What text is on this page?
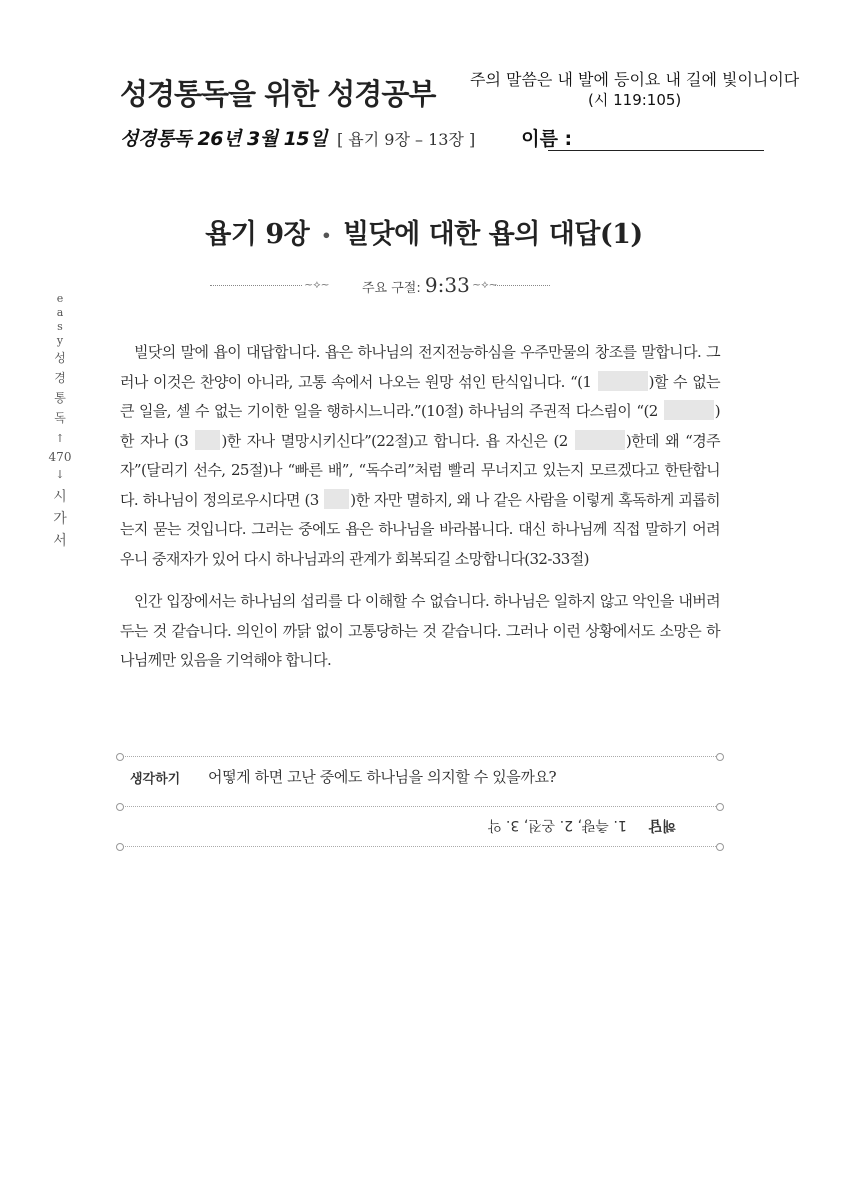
성경통독을 위한 성경공부 주의 말씀은 내 발에 등이요 내 길에 빛이니이다
(시 119:105)
성경통독 26년 3월 15일 [ 욥기 9장 – 13장 ] 이름 :
e
a
s
y
성
경
통
독
↑
470
↓
시
가
서
욥기 9장 • 빌닷에 대한 욥의 대답(1)
~⟡~ 주요 구절: 9:33 ~⟡~

빌닷의 말에 욥이 대답합니다. 욥은 하나님의 전지전능하심을 우주만물의 창조를 말합니다. 그러나 이것은 찬양이 아니라, 고통 속에서 나오는 원망 섞인 탄식입니다. “(1	)할 수 없는 큰 일을, 셀 수 없는 기이한 일을 행하시느니라.”(10절) 하나님의 주권적 다스림이 “(2	)한 자나 (3 )한 자나 멸망시키신다”(22절)고 합니다. 욥 자신은 (2	)한데 왜 “경주자”(달리기 선수, 25절)나 “빠른 배”, “독수리”처럼 빨리 무너지고 있는지 모르겠다고 한탄합니다. 하나님이 정의로우시다면 (3 )한 자만 멸하지, 왜 나 같은 사람을 이렇게 혹독하게 괴롭히는지 묻는 것입니다. 그러는 중에도 욥은 하나님을 바라봅니다. 대신 하나님께 직접 말하기 어려우니 중재자가 있어 다시 하나님과의 관계가 회복되길 소망합니다(32-33절)

인간 입장에서는 하나님의 섭리를 다 이해할 수 없습니다. 하나님은 일하지 않고 악인을 내버려두는 것 같습니다. 의인이 까닭 없이 고통당하는 것 같습니다. 그러나 이런 상황에서도 소망은 하나님께만 있음을 기억해야 합니다.

생각하기 어떻게 하면 고난 중에도 하나님을 의지할 수 있을까요?
해답1. 측량, 2. 온전, 3. 악
